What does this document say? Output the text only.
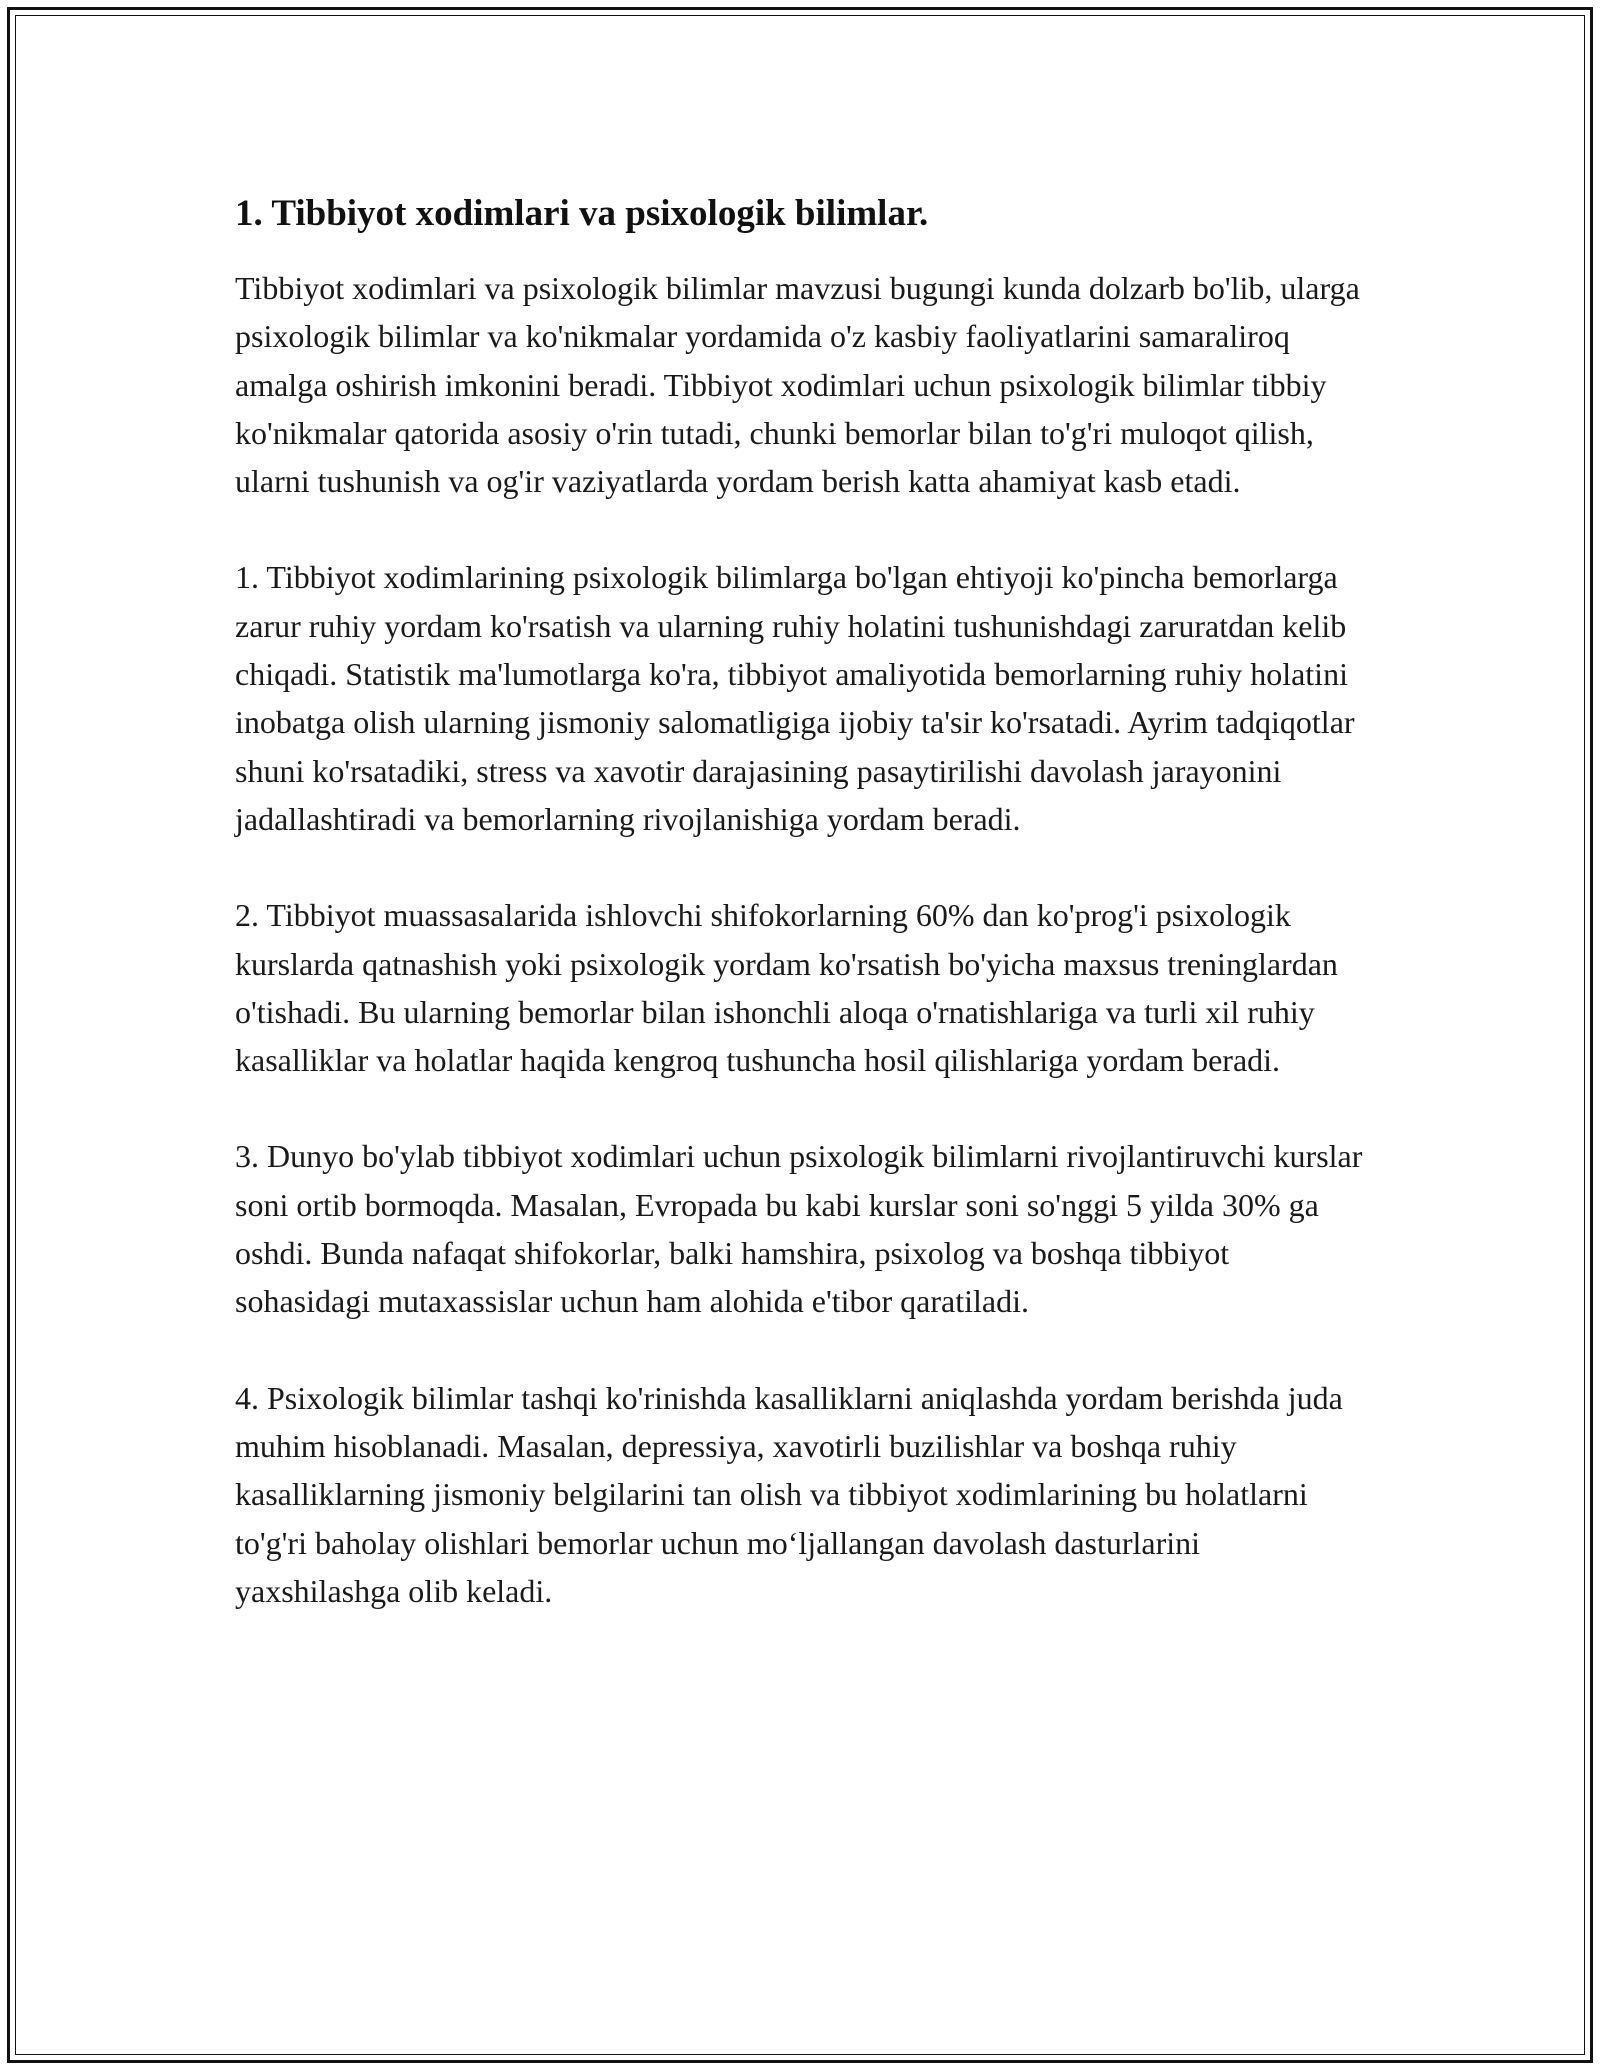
1. Tibbiyot xodimlari va psixologik bilimlar.

Tibbiyot xodimlari va psixologik bilimlar mavzusi bugungi kunda dolzarb bo'lib, ularga psixologik bilimlar va ko'nikmalar yordamida o'z kasbiy faoliyatlarini samaraliroq amalga oshirish imkonini beradi. Tibbiyot xodimlari uchun psixologik bilimlar tibbiy ko'nikmalar qatorida asosiy o'rin tutadi, chunki bemorlar bilan to'g'ri muloqot qilish, ularni tushunish va og'ir vaziyatlarda yordam berish katta ahamiyat kasb etadi.

1. Tibbiyot xodimlarining psixologik bilimlarga bo'lgan ehtiyoji ko'pincha bemorlarga zarur ruhiy yordam ko'rsatish va ularning ruhiy holatini tushunishdagi zaruratdan kelib chiqadi. Statistik ma'lumotlarga ko'ra, tibbiyot amaliyotida bemorlarning ruhiy holatini inobatga olish ularning jismoniy salomatligiga ijobiy ta'sir ko'rsatadi. Ayrim tadqiqotlar shuni ko'rsatadiki, stress va xavotir darajasining pasaytirilishi davolash jarayonini jadallashtiradi va bemorlarning rivojlanishiga yordam beradi.

2. Tibbiyot muassasalarida ishlovchi shifokorlarning 60% dan ko'prog'i psixologik kurslarda qatnashish yoki psixologik yordam ko'rsatish bo'yicha maxsus treninglardan o'tishadi. Bu ularning bemorlar bilan ishonchli aloqa o'rnatishlariga va turli xil ruhiy kasalliklar va holatlar haqida kengroq tushuncha hosil qilishlariga yordam beradi.

3. Dunyo bo'ylab tibbiyot xodimlari uchun psixologik bilimlarni rivojlantiruvchi kurslar soni ortib bormoqda. Masalan, Evropada bu kabi kurslar soni so'nggi 5 yilda 30% ga oshdi. Bunda nafaqat shifokorlar, balki hamshira, psixolog va boshqa tibbiyot sohasidagi mutaxassislar uchun ham alohida e'tibor qaratiladi.

4. Psixologik bilimlar tashqi ko'rinishda kasalliklarni aniqlashda yordam berishda juda muhim hisoblanadi. Masalan, depressiya, xavotirli buzilishlar va boshqa ruhiy kasalliklarning jismoniy belgilarini tan olish va tibbiyot xodimlarining bu holatlarni to'g'ri baholay olishlari bemorlar uchun mo‘ljallangan davolash dasturlarini yaxshilashga olib keladi.
